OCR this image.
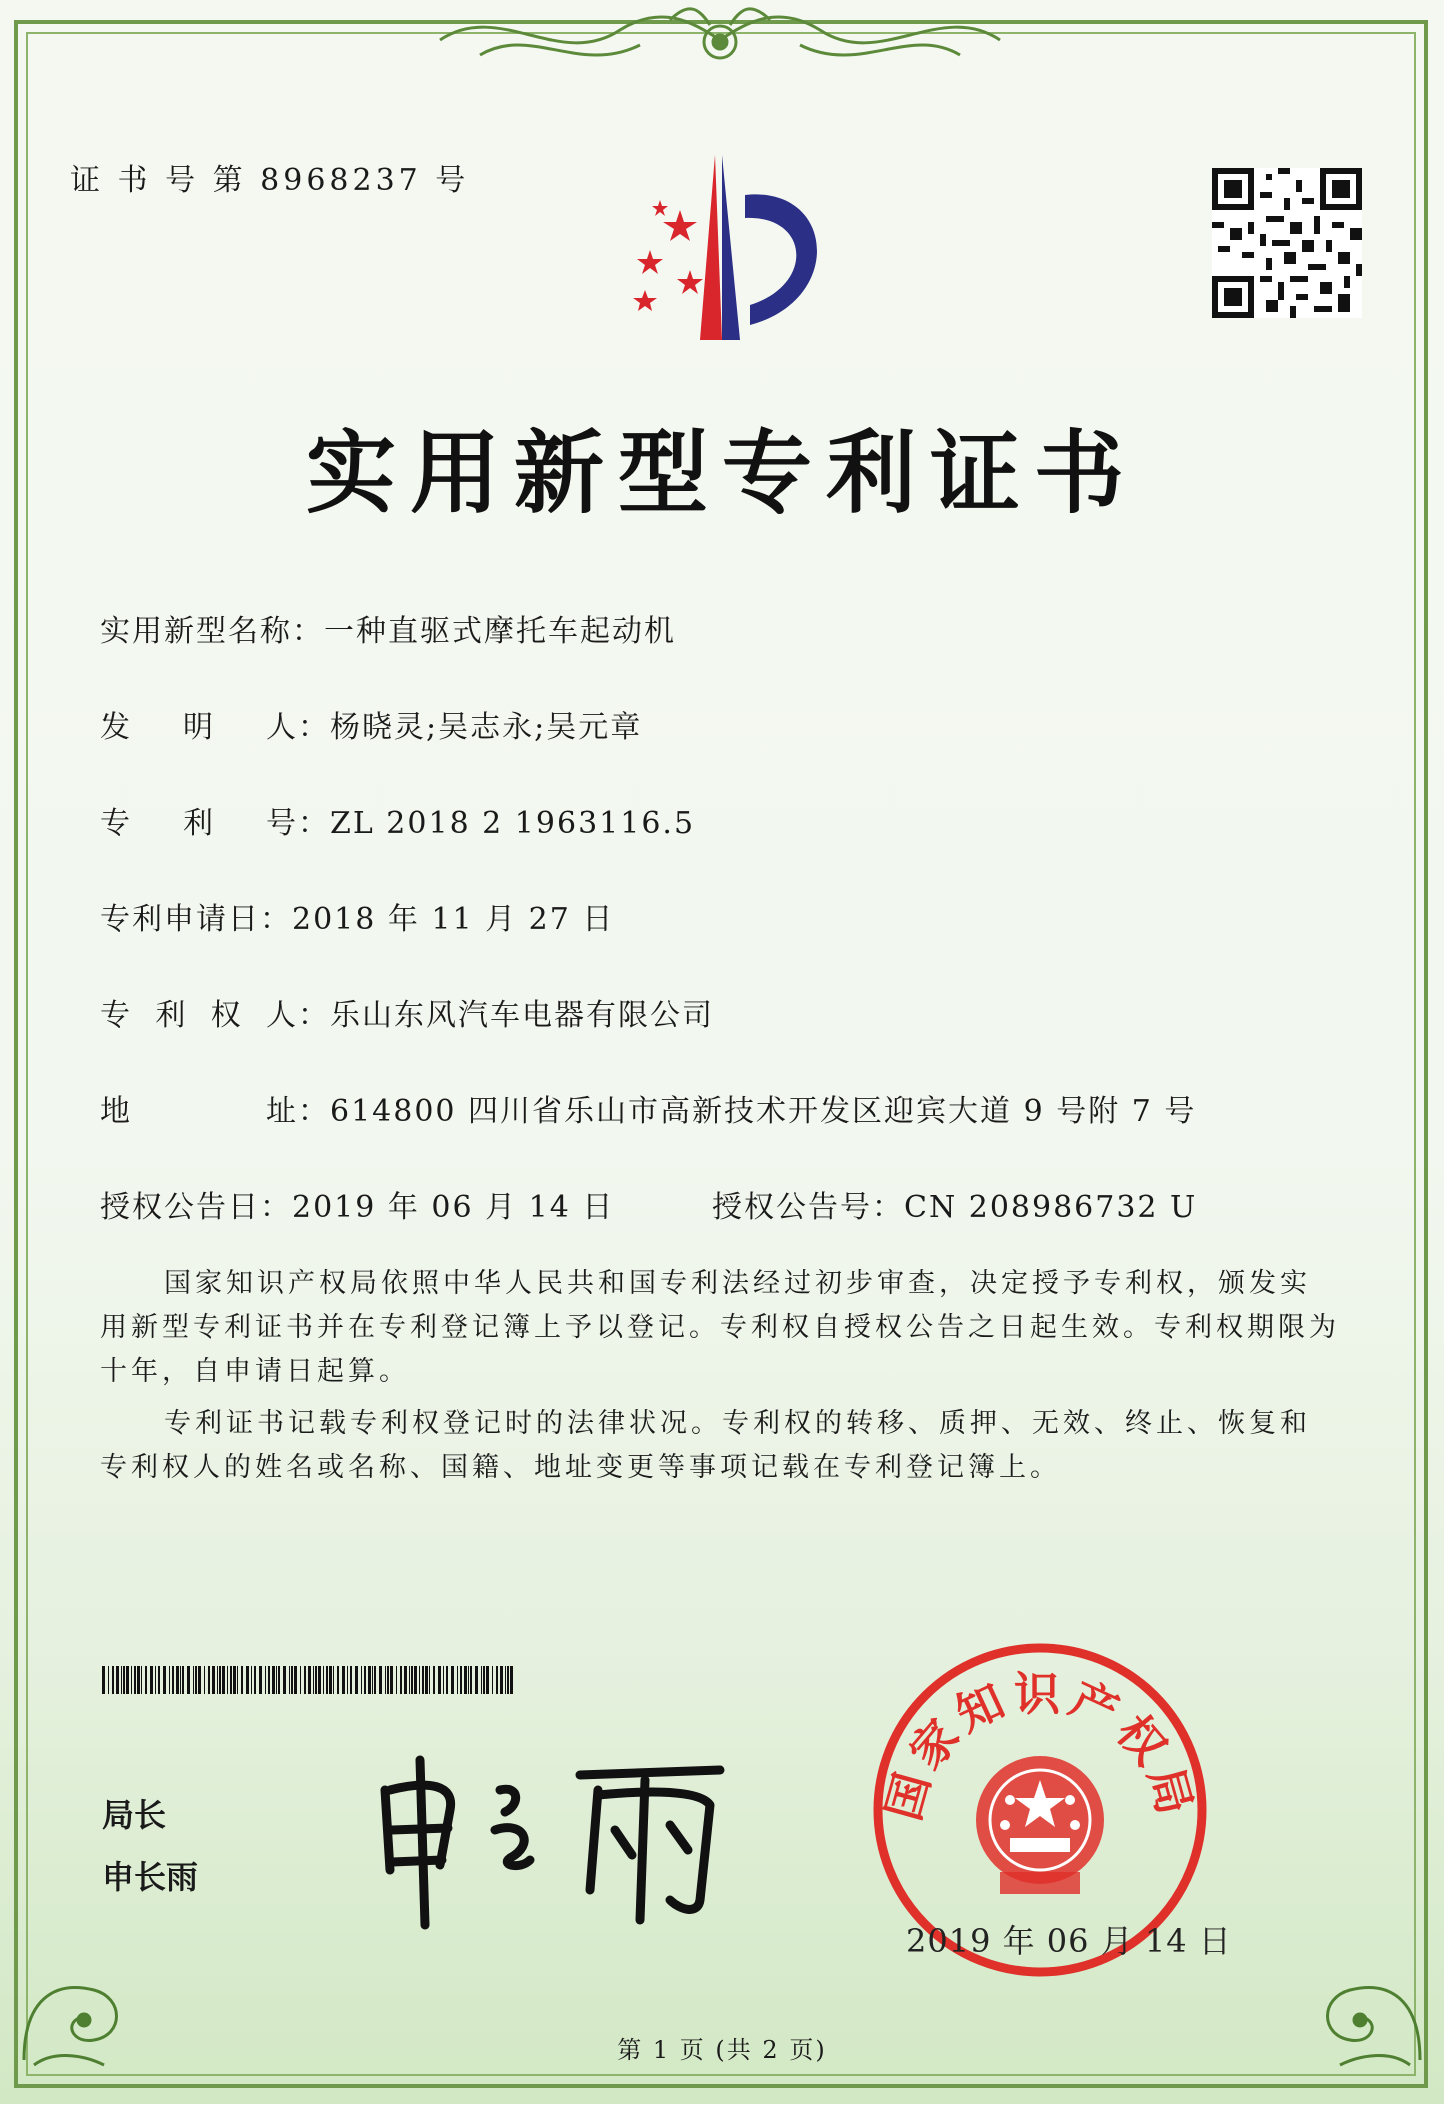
证 书 号 第 8968237 号
实用新型专利证书
实用新型名称：一种直驱式摩托车起动机
发 明 人 ：杨晓灵;吴志永;吴元章
专 利 号 ：ZL 2018 2 1963116.5
专利申请日：2018 年 11 月 27 日
专 利 权 人 ：乐山东风汽车电器有限公司
地	址 ：614800 四川省乐山市高新技术开发区迎宾大道 9 号附 7 号
授权公告日：2019 年 06 月 14 日	授权公告号：CN 208986732 U
国家知识产权局依照中华人民共和国专利法经过初步审查，决定授予专利权，颁发实用新型专利证书并在专利登记簿上予以登记。专利权自授权公告之日起生效。专利权期限为十年，自申请日起算。
专利证书记载专利权登记时的法律状况。专利权的转移、质押、无效、终止、恢复和专利权人的姓名或名称、国籍、地址变更等事项记载在专利登记簿上。
局长
申长雨
国家知识产权局
2019 年 06 月 14 日
第 1 页 (共 2 页)
